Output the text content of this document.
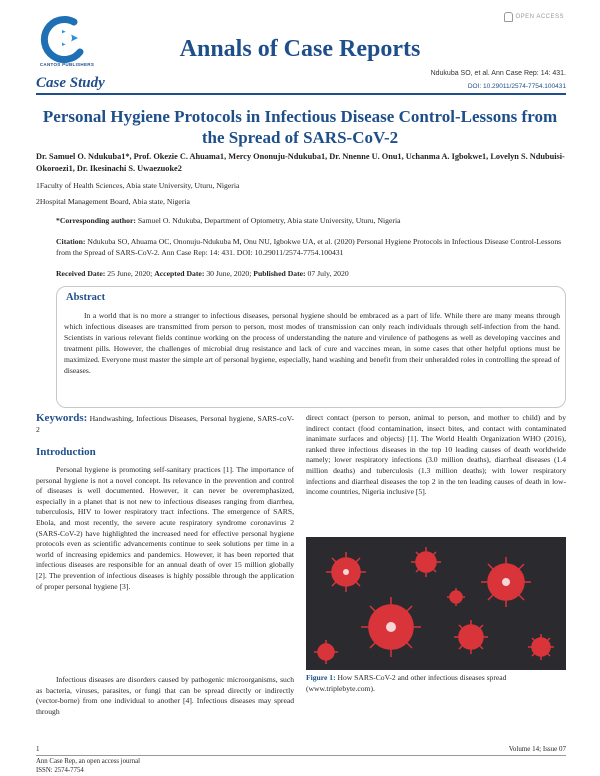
CANTOS PUBLISHERS
OPEN ACCESS
Annals of Case Reports
Case Study
Ndukuba SO, et al. Ann Case Rep: 14: 431.
DOI: 10.29011/2574-7754.100431
Personal Hygiene Protocols in Infectious Disease Control-Lessons from the Spread of SARS-CoV-2
Dr. Samuel O. Ndukuba1*, Prof. Okezie C. Ahuama1, Mercy Ononuju-Ndukuba1, Dr. Nnenne U. Onu1, Uchanma A. Igbokwe1, Lovelyn S. Ndubuisi-Okoroezi1, Dr. Ikesinachi S. Uwaezuoke2
1Faculty of Health Sciences, Abia state University, Uturu, Nigeria
2Hospital Management Board, Abia state, Nigeria
*Corresponding author: Samuel O. Ndukuba, Department of Optometry, Abia state University, Uturu, Nigeria
Citation: Ndukuba SO, Ahuama OC, Ononuju-Ndukuba M, Onu NU, Igbokwe UA, et al. (2020) Personal Hygiene Protocols in Infectious Disease Control-Lessons from the Spread of SARS-CoV-2. Ann Case Rep: 14: 431. DOI: 10.29011/2574-7754.100431
Received Date: 25 June, 2020; Accepted Date: 30 June, 2020; Published Date: 07 July, 2020
Abstract
In a world that is no more a stranger to infectious diseases, personal hygiene should be embraced as a part of life. While there are many means through which infectious diseases are transmitted from person to person, most modes of transmission can only reach individuals through self-infection from the hand. Scientists in various relevant fields continue working on the process of understanding the nature and virulence of pathogens as well as developing vaccines and treatment pills. However, the challenges of microbial drug resistance and lack of cure and vaccines mean, in some cases that other helpful options must be maximized. Everyone must master the simple art of personal hygiene, especially, hand washing and benefit from their unheralded roles in controlling the spread of diseases.
Keywords: Handwashing, Infectious Diseases, Personal hygiene, SARS-coV-2
Introduction
Personal hygiene is promoting self-sanitary practices [1]. The importance of personal hygiene is not a novel concept. Its relevance in the prevention and control of diseases is well documented. However, it can never be overemphasized, especially in a planet that is not new to infectious diseases ranging from diarrhea, tuberculosis, HIV to lower respiratory tract infections. The emergence of SARS, Ebola, and most recently, the severe acute respiratory syndrome coronavirus 2 (SARS-CoV-2) have highlighted the increased need for effective personal hygiene protocols even as scientific advancements continue to seek solutions per time in a world of increasing epidemics and pandemics. However, it has been reported that infectious diseases are responsible for an annual death of over 15 million globally [2]. The prevention of infectious diseases is highly possible through the application of proper personal hygiene [3].
Infectious diseases are disorders caused by pathogenic microorganisms, such as bacteria, viruses, parasites, or fungi that can be spread directly or indirectly (vector-borne) from one individual to another [4]. Infectious diseases may spread through
direct contact (person to person, animal to person, and mother to child) and by indirect contact (food contamination, insect bites, and contact with contaminated inanimate surfaces and objects) [1]. The World Health Organization WHO (2016), ranked three infectious diseases in the top 10 leading causes of death worldwide namely; lower respiratory infections (3.0 million deaths), diarrheal diseases (1.4 million deaths) and tuberculosis (1.3 million deaths); with lower respiratory infections and diarrheal diseases the top 2 in the ten leading causes of death in low-income countries, Nigeria inclusive [5].
Figure 1: How SARS-CoV-2 and other infectious diseases spread (www.triplebyte.com).
1	Volume 14; Issue 07
Ann Case Rep, an open access journal
ISSN: 2574-7754
